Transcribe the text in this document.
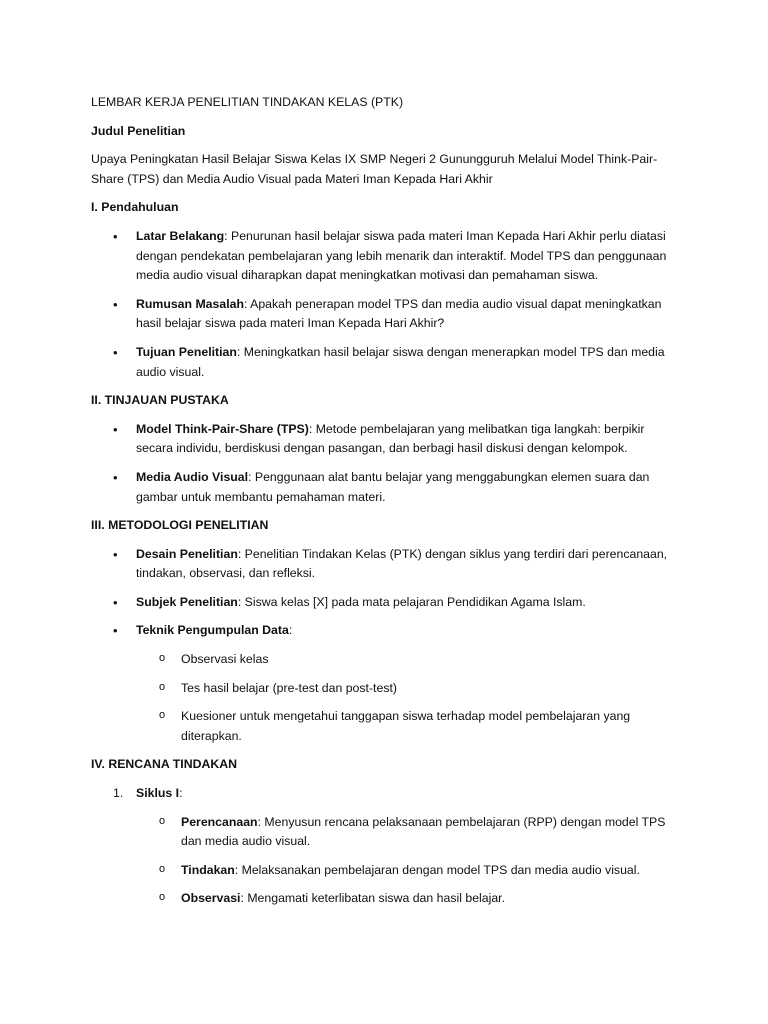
LEMBAR KERJA PENELITIAN TINDAKAN KELAS (PTK)

Judul Penelitian

Upaya Peningkatan Hasil Belajar Siswa Kelas IX SMP Negeri 2 Gunungguruh Melalui Model Think-Pair-Share (TPS) dan Media Audio Visual pada Materi Iman Kepada Hari Akhir

I. Pendahuluan

• Latar Belakang: Penurunan hasil belajar siswa pada materi Iman Kepada Hari Akhir perlu diatasi dengan pendekatan pembelajaran yang lebih menarik dan interaktif. Model TPS dan penggunaan media audio visual diharapkan dapat meningkatkan motivasi dan pemahaman siswa.
• Rumusan Masalah: Apakah penerapan model TPS dan media audio visual dapat meningkatkan hasil belajar siswa pada materi Iman Kepada Hari Akhir?
• Tujuan Penelitian: Meningkatkan hasil belajar siswa dengan menerapkan model TPS dan media audio visual.

II. TINJAUAN PUSTAKA

• Model Think-Pair-Share (TPS): Metode pembelajaran yang melibatkan tiga langkah: berpikir secara individu, berdiskusi dengan pasangan, dan berbagi hasil diskusi dengan kelompok.
• Media Audio Visual: Penggunaan alat bantu belajar yang menggabungkan elemen suara dan gambar untuk membantu pemahaman materi.

III. METODOLOGI PENELITIAN

• Desain Penelitian: Penelitian Tindakan Kelas (PTK) dengan siklus yang terdiri dari perencanaan, tindakan, observasi, dan refleksi.
• Subjek Penelitian: Siswa kelas [X] pada mata pelajaran Pendidikan Agama Islam.
• Teknik Pengumpulan Data:
o Observasi kelas
o Tes hasil belajar (pre-test dan post-test)
o Kuesioner untuk mengetahui tanggapan siswa terhadap model pembelajaran yang diterapkan.

IV. RENCANA TINDAKAN

1. Siklus I:
o Perencanaan: Menyusun rencana pelaksanaan pembelajaran (RPP) dengan model TPS dan media audio visual.
o Tindakan: Melaksanakan pembelajaran dengan model TPS dan media audio visual.
o Observasi: Mengamati keterlibatan siswa dan hasil belajar.
